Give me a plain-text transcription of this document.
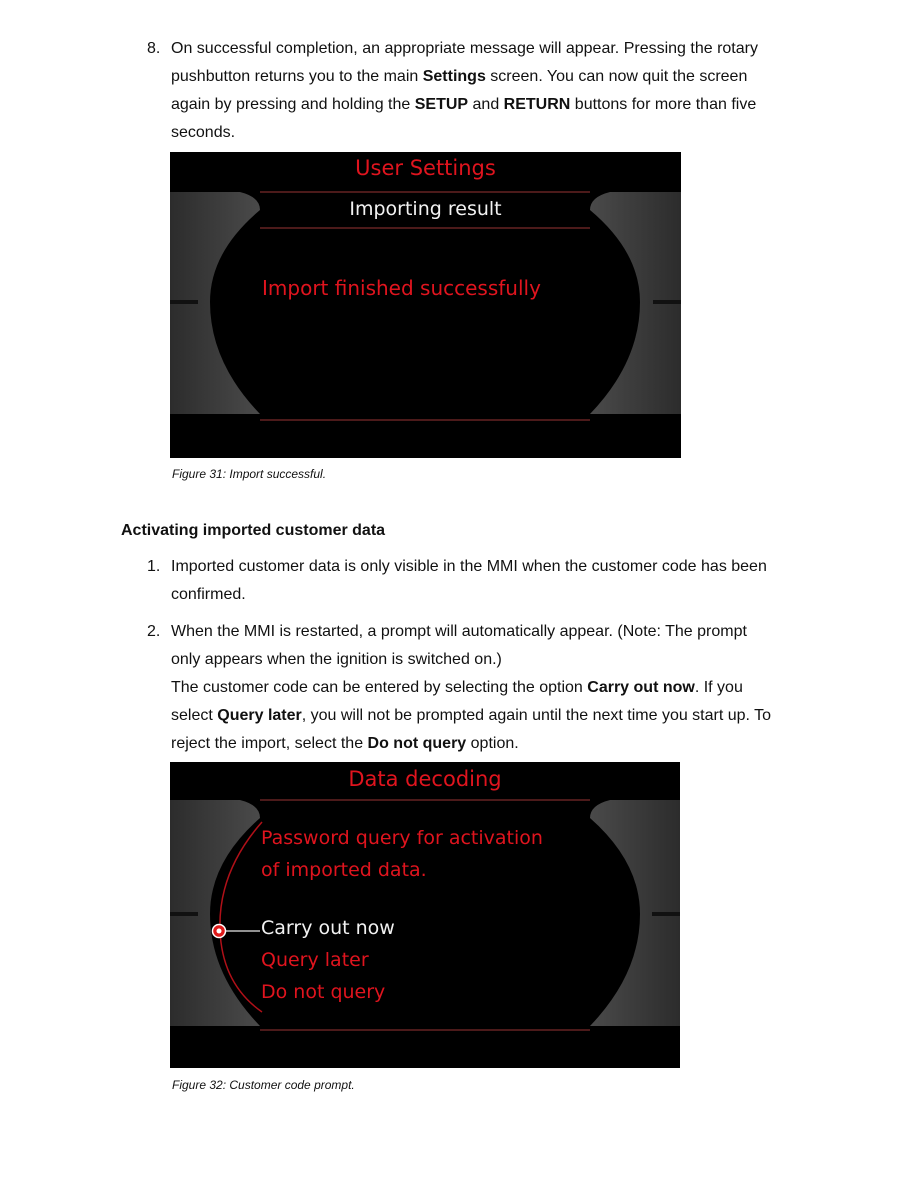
8. On successful completion, an appropriate message will appear. Pressing the rotary
pushbutton returns you to the main Settings screen. You can now quit the screen
again by pressing and holding the SETUP and RETURN buttons for more than five
seconds.
User Settings
Importing result
Import finished successfully
Figure 31: Import successful.
Activating imported customer data
1. Imported customer data is only visible in the MMI when the customer code has been
confirmed.
2. When the MMI is restarted, a prompt will automatically appear. (Note: The prompt
only appears when the ignition is switched on.)
The customer code can be entered by selecting the option Carry out now. If you
select Query later, you will not be prompted again until the next time you start up. To
reject the import, select the Do not query option.
Data decoding
Password query for activation
of imported data.
Carry out now
Query later
Do not query
Figure 32: Customer code prompt.
